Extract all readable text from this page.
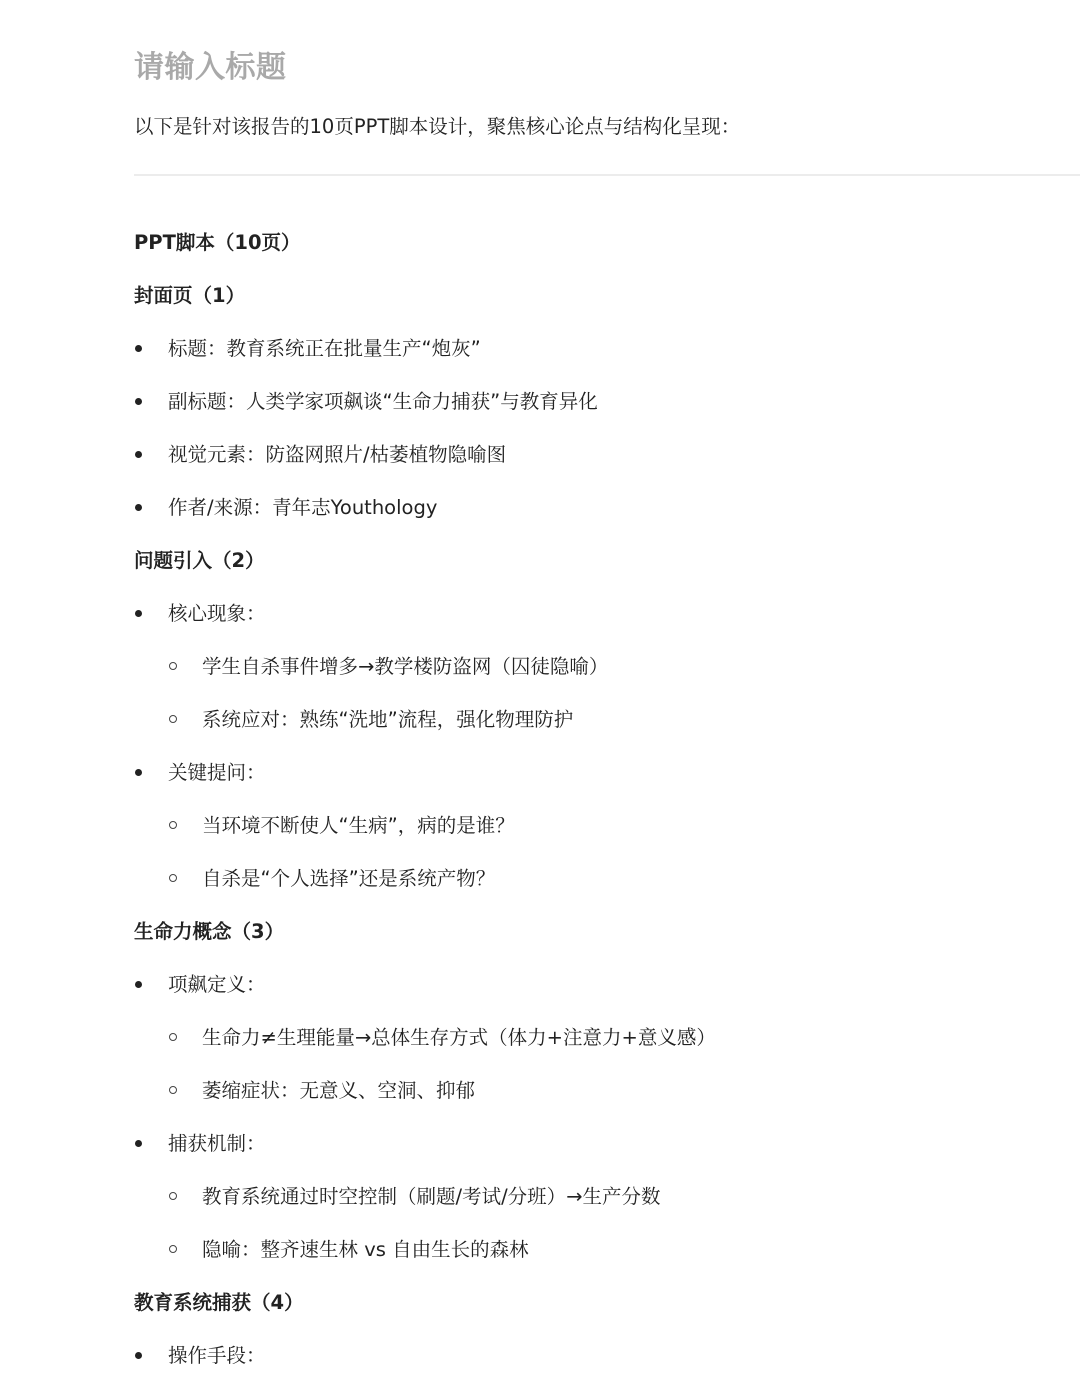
请输入标题
以下是针对该报告的10页PPT脚本设计，聚焦核心论点与结构化呈现：
PPT脚本（10页）
封面页（1）
标题：教育系统正在批量生产“炮灰”
副标题：人类学家项飙谈“生命力捕获”与教育异化
视觉元素：防盗网照片/枯萎植物隐喻图
作者/来源：青年志Youthology
问题引入（2）
核心现象：
学生自杀事件增多→教学楼防盗网（囚徒隐喻）
系统应对：熟练“洗地”流程，强化物理防护
关键提问：
当环境不断使人“生病”，病的是谁？
自杀是“个人选择”还是系统产物？
生命力概念（3）
项飙定义：
生命力≠生理能量→总体生存方式（体力+注意力+意义感）
萎缩症状：无意义、空洞、抑郁
捕获机制：
教育系统通过时空控制（刷题/考试/分班）→生产分数
隐喻：整齐速生林 vs 自由生长的森林
教育系统捕获（4）
操作手段：
